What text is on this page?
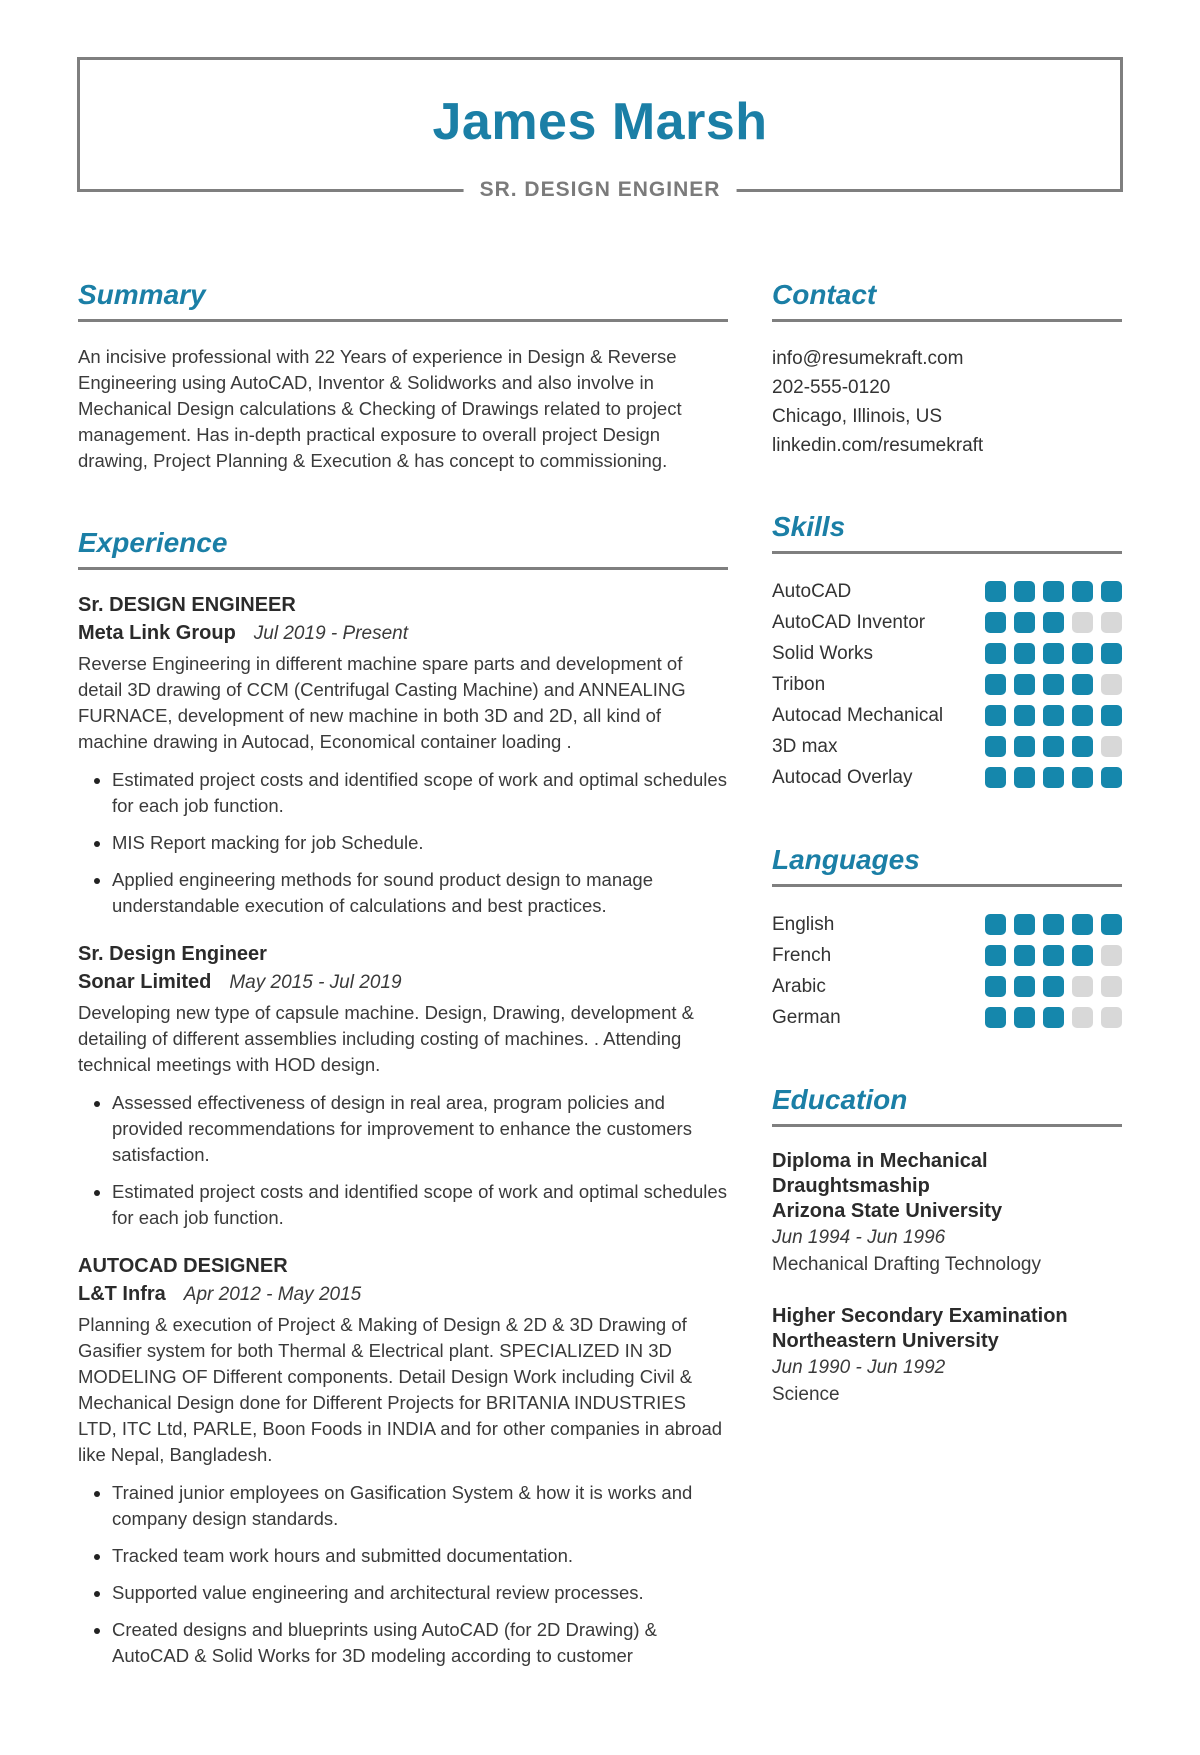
James Marsh
SR. DESIGN ENGINER
Summary

An incisive professional with 22 Years of experience in Design & Reverse Engineering using AutoCAD, Inventor & Solidworks and also involve in Mechanical Design calculations & Checking of Drawings related to project management. Has in-depth practical exposure to overall project Design drawing, Project Planning & Execution & has concept to commissioning.

Experience
Sr. DESIGN ENGINEER
Meta Link Group Jul 2019 - Present

Reverse Engineering in different machine spare parts and development of detail 3D drawing of CCM (Centrifugal Casting Machine) and ANNEALING FURNACE, development of new machine in both 3D and 2D, all kind of machine drawing in Autocad, Economical container loading .

• Estimated project costs and identified scope of work and optimal schedules for each job function.
• MIS Report macking for job Schedule.
• Applied engineering methods for sound product design to manage understandable execution of calculations and best practices.
Sr. Design Engineer
Sonar Limited May 2015 - Jul 2019

Developing new type of capsule machine. Design, Drawing, development & detailing of different assemblies including costing of machines. . Attending technical meetings with HOD design.

• Assessed effectiveness of design in real area, program policies and provided recommendations for improvement to enhance the customers satisfaction.
• Estimated project costs and identified scope of work and optimal schedules for each job function.
AUTOCAD DESIGNER
L&T Infra Apr 2012 - May 2015

Planning & execution of Project & Making of Design & 2D & 3D Drawing of Gasifier system for both Thermal & Electrical plant. SPECIALIZED IN 3D MODELING OF Different components. Detail Design Work including Civil & Mechanical Design done for Different Projects for BRITANIA INDUSTRIES LTD, ITC Ltd, PARLE, Boon Foods in INDIA and for other companies in abroad like Nepal, Bangladesh.

• Trained junior employees on Gasification System & how it is works and company design standards.
• Tracked team work hours and submitted documentation.
• Supported value engineering and architectural review processes.
• Created designs and blueprints using AutoCAD (for 2D Drawing) & AutoCAD & Solid Works for 3D modeling according to customer
Contact
info@resumekraft.com
202-555-0120
Chicago, Illinois, US
linkedin.com/resumekraft
Skills
AutoCAD
AutoCAD Inventor
Solid Works
Tribon
Autocad Mechanical
3D max
Autocad Overlay
Languages
English
French
Arabic
German
Education
Diploma in Mechanical Draughtsmaship
Arizona State University
Jun 1994 - Jun 1996
Mechanical Drafting Technology
Higher Secondary Examination
Northeastern University
Jun 1990 - Jun 1992
Science
